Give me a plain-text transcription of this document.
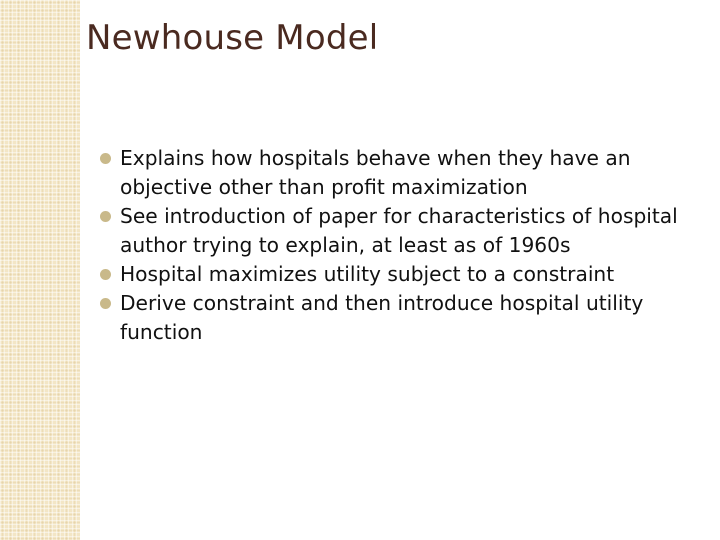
Newhouse Model
Explains how hospitals behave when they have an objective other than profit maximization
See introduction of paper for characteristics of hospital author trying to explain, at least as of 1960s
Hospital maximizes utility subject to a constraint
Derive constraint and then introduce hospital utility function
